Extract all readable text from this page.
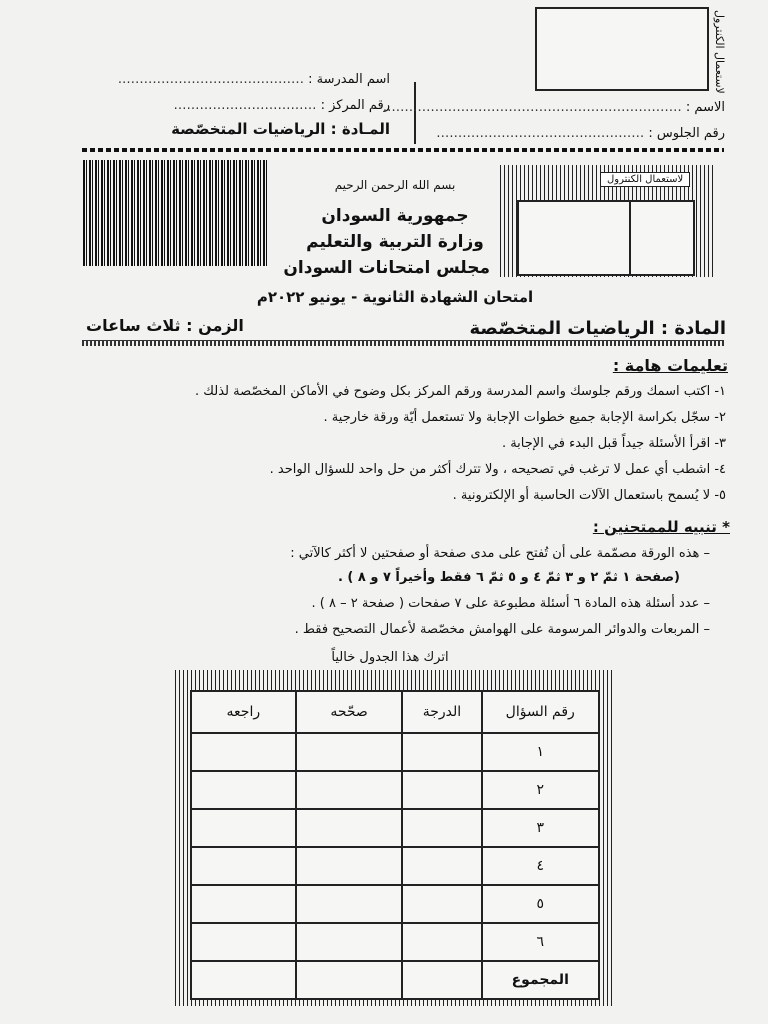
لاستعمال الكنترول
اسم المدرسة : …………………………………….
رقم المركز : ……………………………
المـادة : الرياضيات المتخصّصة
الاسم : ……………………………………………………………
رقم الجلوس : …………………………………………
لاستعمال الكنترول
بسم الله الرحمن الرحيم
جمهورية السودان
وزارة التربية والتعليم
مجلس امتحانات السودان
امتحان الشهادة الثانوية - يونيو ٢٠٢٢م
المادة : الرياضيات المتخصّصة
الزمن : ثلاث ساعات
تعليمات هامة :
١- اكتب اسمك ورقم جلوسك واسم المدرسة ورقم المركز بكل وضوح في الأماكن المخصّصة لذلك .
٢- سجّل بكراسة الإجابة جميع خطوات الإجابة ولا تستعمل أيّة ورقة خارجية .
٣- اقرأ الأسئلة جيداً قبل البدء في الإجابة .
٤- اشطب أي عمل لا ترغب في تصحيحه ، ولا تترك أكثر من حل واحد للسؤال الواحد .
٥- لا يُسمح باستعمال الآلات الحاسبة أو الإلكترونية .
* تنبيه للممتحنين :
– هذه الورقة مصمّمة على أن تُفتح على مدى صفحة أو صفحتين لا أكثر كالآتي :
(صفحة ١ ثمّ ٢ و ٣ ثمّ ٤ و ٥ ثمّ ٦ فقط وأخيراً ٧ و ٨ ) .
– عدد أسئلة هذه المادة ٦ أسئلة مطبوعة على ٧ صفحات ( صفحة ٢ – ٨ ) .
– المربعات والدوائر المرسومة على الهوامش مخصّصة لأعمال التصحيح فقط .
اترك هذا الجدول خالياً
رقم السؤال	الدرجة	صحّحه	راجعه
١			
٢			
٣			
٤			
٥			
٦			
المجموع			
